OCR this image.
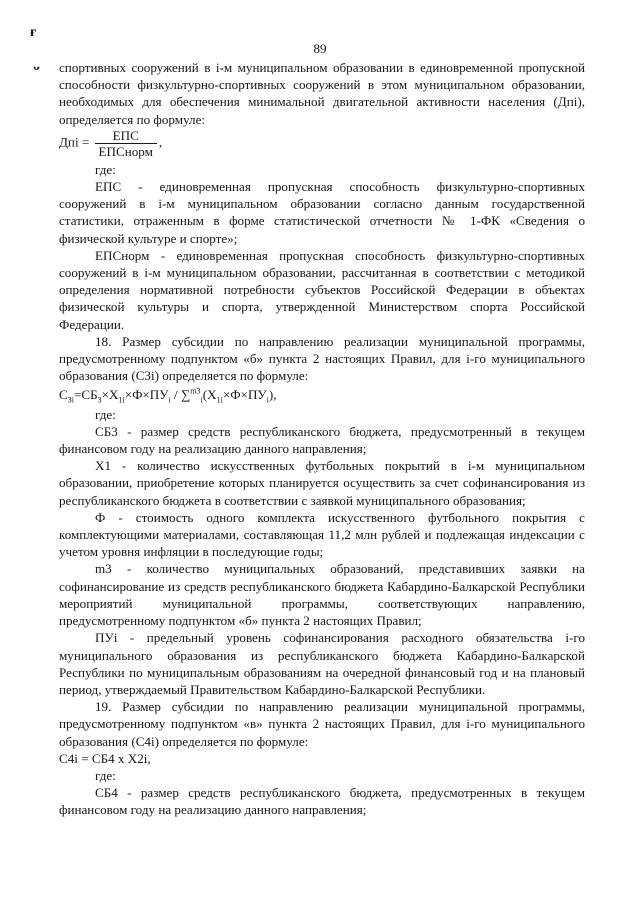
ғ
ᴗ
89

спортивных сооружений в i-м муниципальном образовании в единовременной пропускной способности физкультурно-спортивных сооружений в этом муниципальном образовании, необходимых для обеспечения минимальной двигательной активности населения (Дпi), определяется по формуле:

Дпi = $\frac{\text{ЕПС}}{\text{ЕПСнорм}}$ ,

где:

ЕПС - единовременная пропускная способность физкультурно-спортивных сооружений в i-м муниципальном образовании согласно данным государственной статистики, отраженным в форме статистической отчетности № 1-ФК «Сведения о физической культуре и спорте»;

ЕПСнорм - единовременная пропускная способность физкультурно-спортивных сооружений в i-м муниципальном образовании, рассчитанная в соответствии с методикой определения нормативной потребности субъектов Российской Федерации в объектах физической культуры и спорта, утвержденной Министерством спорта Российской Федерации.

18. Размер субсидии по направлению реализации муниципальной программы, предусмотренному подпунктом «б» пункта 2 настоящих Правил, для i-го муниципального образования (С3i) определяется по формуле:

$С_{3i}=СБ_3\times Х_{1i}\times Ф\times ПУ_i / \sum^{m3}_i(Х_{1i}\times Ф\times ПУ_i)$,

где:

СБ3 - размер средств республиканского бюджета, предусмотренный в текущем финансовом году на реализацию данного направления;

Х1 - количество искусственных футбольных покрытий в i-м муниципальном образовании, приобретение которых планируется осуществить за счет софинансирования из республиканского бюджета в соответствии с заявкой муниципального образования;

Ф - стоимость одного комплекта искусственного футбольного покрытия с комплектующими материалами, составляющая 11,2 млн рублей и подлежащая индексации с учетом уровня инфляции в последующие годы;

m3 - количество муниципальных образований, представивших заявки на софинансирование из средств республиканского бюджета Кабардино-Балкарской Республики мероприятий муниципальной программы, соответствующих направлению, предусмотренному подпунктом «б» пункта 2 настоящих Правил;

ПУi - предельный уровень софинансирования расходного обязательства i-го муниципального образования из республиканского бюджета Кабардино-Балкарской Республики по муниципальным образованиям на очередной финансовый год и на плановый период, утверждаемый Правительством Кабардино-Балкарской Республики.

19. Размер субсидии по направлению реализации муниципальной программы, предусмотренному подпунктом «в» пункта 2 настоящих Правил, для i-го муниципального образования (С4i) определяется по формуле:

С4i = СБ4 х Х2i,

где:

СБ4 - размер средств республиканского бюджета, предусмотренных в текущем финансовом году на реализацию данного направления;
